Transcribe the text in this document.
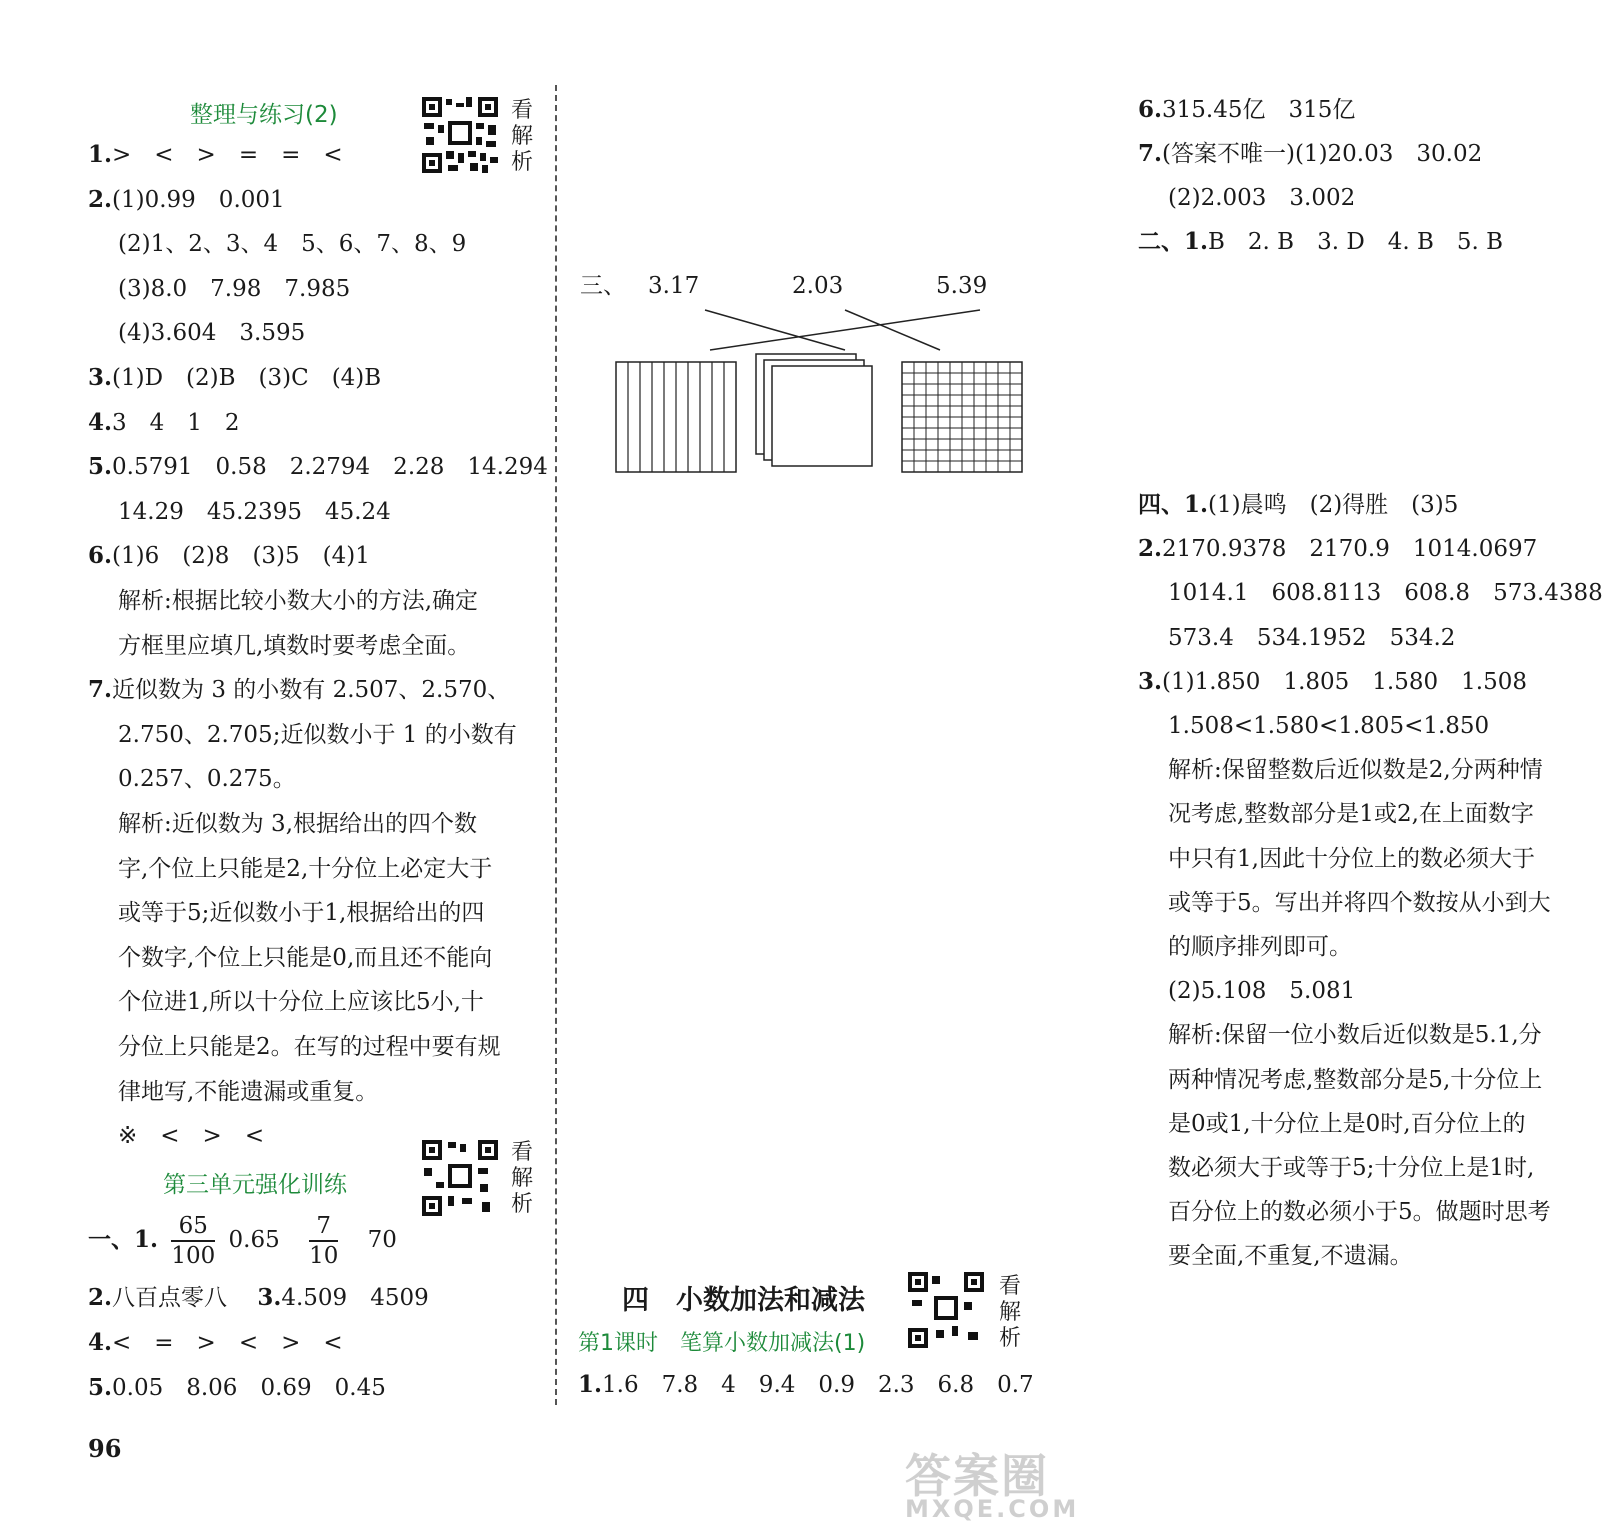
整理与练习(2)	看
解
析
1.>　<　>　=　=　<
2.(1)0.99　0.001
(2)1、2、3、4　5、6、7、8、9
(3)8.0　7.98　7.985
(4)3.604　3.595
3.(1)D　(2)B　(3)C　(4)B
4.3　4　1　2
5.0.5791　0.58　2.2794　2.28　14.294
14.29　45.2395　45.24
6.(1)6　(2)8　(3)5　(4)1
解析:根据比较小数大小的方法,确定
方框里应填几,填数时要考虑全面。
7.近似数为 3 的小数有 2.507、2.570、
2.750、2.705;近似数小于 1 的小数有
0.257、0.275。
解析:近似数为 3,根据给出的四个数
字,个位上只能是2,十分位上必定大于
或等于5;近似数小于1,根据给出的四
个数字,个位上只能是0,而且还不能向
个位进1,所以十分位上应该比5小,十
分位上只能是2。在写的过程中要有规
律地写,不能遗漏或重复。
※　<　>　<
看
解
析
第三单元强化训练
一、1. $\frac{65}{100} 0.65 \frac{7}{10} 70$
2.八百点零八　 3.4.509　4509
4.<　=　>　<　>　<
5.0.05　8.06　0.69　0.45
96
6.315.45亿　315亿
7.(答案不唯一)(1)20.03　30.02
(2)2.003　3.002
二、1.B　2. B　3. D　4. B　5. B
三、 3.17	2.03	5.39
四、1.(1)晨鸣　(2)得胜　(3)5
2.2170.9378　2170.9　1014.0697
1014.1　608.8113　608.8　573.4388
573.4　534.1952　534.2
3.(1)1.850　1.805　1.580　1.508
1.508<1.580<1.805<1.850
解析:保留整数后近似数是2,分两种情
况考虑,整数部分是1或2,在上面数字
中只有1,因此十分位上的数必须大于
或等于5。写出并将四个数按从小到大
的顺序排列即可。
(2)5.108　5.081
解析:保留一位小数后近似数是5.1,分
两种情况考虑,整数部分是5,十分位上
是0或1,十分位上是0时,百分位上的
数必须大于或等于5;十分位上是1时,
百分位上的数必须小于5。做题时思考
要全面,不重复,不遗漏。
四　小数加法和减法	看
解
析
第1课时　笔算小数加减法(1)
1.1.6　7.8　4　9.4　0.9　2.3　6.8　0.7
答案圈
MXQE.COM
